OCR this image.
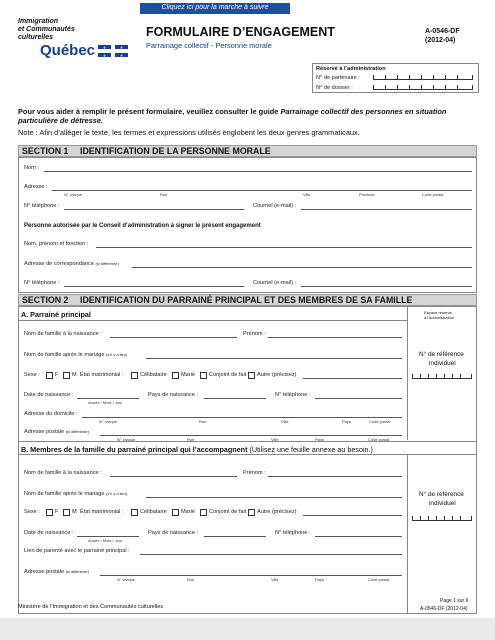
Cliquez ici pour la marche à suivre
Immigration
et Communautés
culturelles
Québec ⚜	⚜
⚜	⚜
FORMULAIRE D’ENGAGEMENT
Parrainage collectif - Personne morale
A-0546-DF
(2012-04)
Réservé à l’administration
N° de partenaire :
N° de dossier :
Pour vous aider à remplir le présent formulaire, veuillez consulter le guide Parrainage collectif des personnes en situation
particulière de détresse.
Note : Afin d’alléger le texte, les termes et expressions utilisés englobent les deux genres grammaticaux.
SECTION 1 IDENTIFICATION DE LA PERSONNE MORALE
Nom :
Adresse :
N° civique	Rue	Ville	Province	Code postal
N° téléphone :	Courriel (e-mail) :
Personne autorisée par le Conseil d’administration à signer le présent engagement
Nom, prénom et fonction :
Adresse de correspondance (si différente)
N° téléphone :	Courriel (e-mail) :
SECTION 2 IDENTIFICATION DU PARRAINÉ PRINCIPAL ET DES MEMBRES DE SA FAMILLE
A. Parrainé principal	Espace réservé
à l’administration
Nom de famille à la naissance :	Prénom :
Nom de famille après le mariage (s’il y a lieu)
Sexe :	F M État matrimonial :	Célibataire	Marié	Conjoint de fait Autre (précisez)
N° de référence
individuel
Date de naissance :
Année / Mois / Jour
Pays de naissance :	N° téléphone :
Adresse du domicile :
N° civique	Rue	Ville	Pays	Code postal
Adresse postale (si différente)
N° civique	Rue	Ville	Pays	Code postal
B. Membres de la famille du parrainé principal qui l’accompagnent (Utilisez une feuille annexe au besoin.)
Nom de famille à la naissance :	Prénom :
Nom de famille après le mariage (s’il y a lieu)
Sexe :	F M État matrimonial :	Célibataire	Marié	Conjoint de fait Autre (précisez)
N° de référence
individuel
Date de naissance :
Année / Mois / Jour
Pays de naissance :	N° téléphone :
Lien de parenté avec le parrainé principal :
Adresse postale (si différente)
N° civique	Rue	Ville	Pays	Code postal
Ministère de l’Immigration et des Communautés culturelles
Page 1 sur 6
A-0546-DF (2012-04)
